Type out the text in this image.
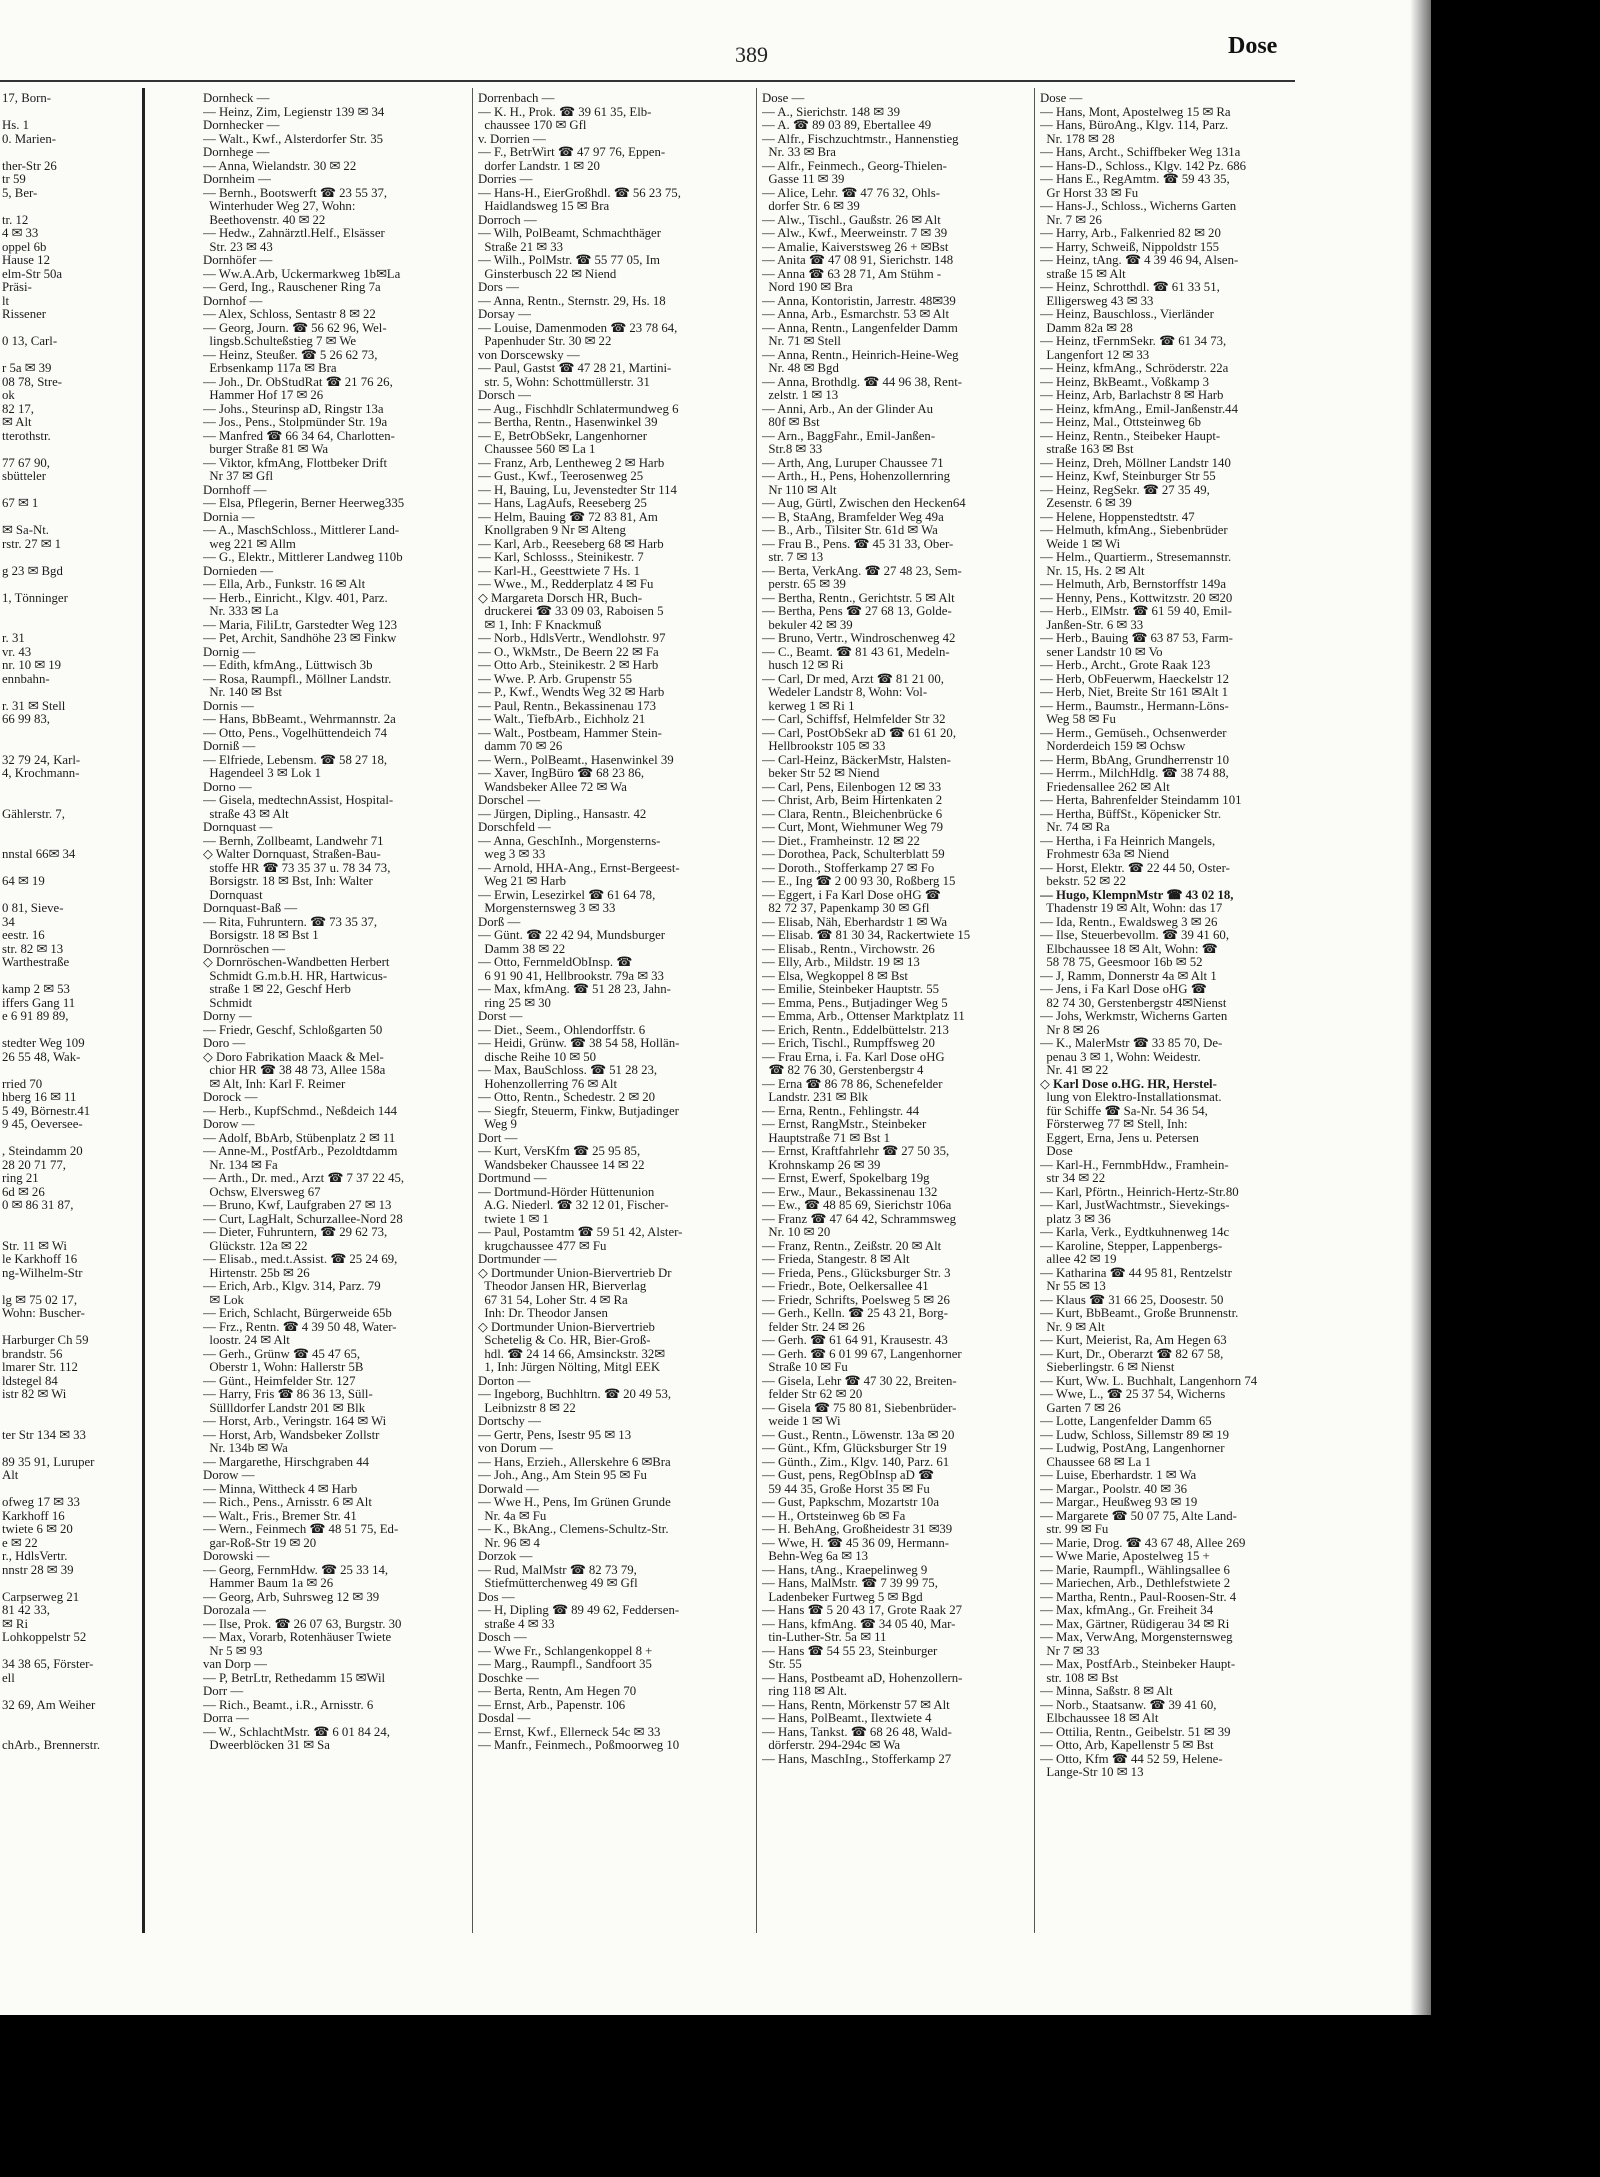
389	Dose
17, Born-

Hs. 1
0. Marien-

ther-Str 26
tr 59
5, Ber-

tr. 12
4 ✉ 33
oppel 6b
Hause 12
elm-Str 50a
Präsi-
lt
Rissener

0 13, Carl-

r 5a ✉ 39
08 78, Stre-
ok
82 17,
✉ Alt
tterothstr.

77 67 90,
sbütteler

67 ✉ 1

✉ Sa-Nt.
rstr. 27 ✉ 1

g 23 ✉ Bgd

1, Tönninger

r. 31
vr. 43
nr. 10 ✉ 19
ennbahn-

r. 31 ✉ Stell
66 99 83,

32 79 24, Karl-
4, Krochmann-

Gählerstr. 7,

nnstal 66✉ 34

64 ✉ 19

0 81, Sieve-
34
eestr. 16
str. 82 ✉ 13
Warthestraße

kamp 2 ✉ 53
iffers Gang 11
e 6 91 89 89,

stedter Weg 109
26 55 48, Wak-

rried 70
hberg 16 ✉ 11
5 49, Börnestr.41
9 45, Oeversee-

, Steindamm 20
28 20 71 77,
ring 21
6d ✉ 26
0 ✉ 86 31 87,

Str. 11 ✉ Wi
le Karkhoff 16
ng-Wilhelm-Str

lg ✉ 75 02 17,
Wohn: Buscher-

Harburger Ch 59
brandstr. 56
lmarer Str. 112
ldstegel 84
istr 82 ✉ Wi

ter Str 134 ✉ 33

89 35 91, Luruper
Alt

ofweg 17 ✉ 33
Karkhoff 16
twiete 6 ✉ 20
e ✉ 22
r., HdlsVertr.
nnstr 28 ✉ 39

Carpserweg 21
81 42 33,
✉ Ri
Lohkoppelstr 52

34 38 65, Förster-
ell

32 69, Am Weiher

chArb., Brennerstr.
Dornheck —
— Heinz, Zim, Legienstr 139 ✉ 34
Dornhecker —
— Walt., Kwf., Alsterdorfer Str. 35
Dornhege —
— Anna, Wielandstr. 30 ✉ 22
Dornheim —
— Bernh., Bootswerft ☎ 23 55 37,
Winterhuder Weg 27, Wohn:
Beethovenstr. 40 ✉ 22
— Hedw., Zahnärztl.Helf., Elsässer
Str. 23 ✉ 43
Dornhöfer —
— Ww.A.Arb, Uckermarkweg 1b✉La
— Gerd, Ing., Rauschener Ring 7a
Dornhof —
— Alex, Schloss, Sentastr 8 ✉ 22
— Georg, Journ. ☎ 56 62 96, Wel-
lingsb.Schulteßstieg 7 ✉ We
— Heinz, Steußer. ☎ 5 26 62 73,
Erbsenkamp 117a ✉ Bra
— Joh., Dr. ObStudRat ☎ 21 76 26,
Hammer Hof 17 ✉ 26
— Johs., Steurinsp aD, Ringstr 13a
— Jos., Pens., Stolpmünder Str. 19a
— Manfred ☎ 66 34 64, Charlotten-
burger Straße 81 ✉ Wa
— Viktor, kfmAng, Flottbeker Drift
Nr 37 ✉ Gfl
Dornhoff —
— Elsa, Pflegerin, Berner Heerweg335
Dornia —
— A., MaschSchloss., Mittlerer Land-
weg 221 ✉ Allm
— G., Elektr., Mittlerer Landweg 110b
Dornieden —
— Ella, Arb., Funkstr. 16 ✉ Alt
— Herb., Einricht., Klgv. 401, Parz.
Nr. 333 ✉ La
— Maria, FiliLtr, Garstedter Weg 123
— Pet, Archit, Sandhöhe 23 ✉ Finkw
Dornig —
— Edith, kfmAng., Lüttwisch 3b
— Rosa, Raumpfl., Möllner Landstr.
Nr. 140 ✉ Bst
Dornis —
— Hans, BbBeamt., Wehrmannstr. 2a
— Otto, Pens., Vogelhüttendeich 74
Dorniß —
— Elfriede, Lebensm. ☎ 58 27 18,
Hagendeel 3 ✉ Lok 1
Dorno —
— Gisela, medtechnAssist, Hospital-
straße 43 ✉ Alt
Dornquast —
— Bernh, Zollbeamt, Landwehr 71
◇ Walter Dornquast, Straßen-Bau-
stoffe HR ☎ 73 35 37 u. 78 34 73,
Borsigstr. 18 ✉ Bst, Inh: Walter
Dornquast
Dornquast-Baß —
— Rita, Fuhruntern. ☎ 73 35 37,
Borsigstr. 18 ✉ Bst 1
Dornröschen —
◇ Dornröschen-Wandbetten Herbert
Schmidt G.m.b.H. HR, Hartwicus-
straße 1 ✉ 22, Geschf Herb
Schmidt
Dorny —
— Friedr, Geschf, Schloßgarten 50
Doro —
◇ Doro Fabrikation Maack & Mel-
chior HR ☎ 38 48 73, Allee 158a
✉ Alt, Inh: Karl F. Reimer
Dorock —
— Herb., KupfSchmd., Neßdeich 144
Dorow —
— Adolf, BbArb, Stübenplatz 2 ✉ 11
— Anne-M., PostfArb., Pezoldtdamm
Nr. 134 ✉ Fa
— Arth., Dr. med., Arzt ☎ 7 37 22 45,
Ochsw, Elversweg 67
— Bruno, Kwf, Laufgraben 27 ✉ 13
— Curt, LagHalt, Schurzallee-Nord 28
— Dieter, Fuhruntern, ☎ 29 62 73,
Glückstr. 12a ✉ 22
— Elisab., med.t.Assist. ☎ 25 24 69,
Hirtenstr. 25b ✉ 26
— Erich, Arb., Klgv. 314, Parz. 79
✉ Lok
— Erich, Schlacht, Bürgerweide 65b
— Frz., Rentn. ☎ 4 39 50 48, Water-
loostr. 24 ✉ Alt
— Gerh., Grünw ☎ 45 47 65,
Oberstr 1, Wohn: Hallerstr 5B
— Günt., Heimfelder Str. 127
— Harry, Fris ☎ 86 36 13, Süll-
Süllldorfer Landstr 201 ✉ Blk
— Horst, Arb., Veringstr. 164 ✉ Wi
— Horst, Arb, Wandsbeker Zollstr
Nr. 134b ✉ Wa
— Margarethe, Hirschgraben 44
Dorow —
— Minna, Wittheck 4 ✉ Harb
— Rich., Pens., Arnisstr. 6 ✉ Alt
— Walt., Fris., Bremer Str. 41
— Wern., Feinmech ☎ 48 51 75, Ed-
gar-Roß-Str 19 ✉ 20
Dorowski —
— Georg, FernmHdw. ☎ 25 33 14,
Hammer Baum 1a ✉ 26
— Georg, Arb, Suhrsweg 12 ✉ 39
Dorozala —
— Ilse, Prok. ☎ 26 07 63, Burgstr. 30
— Max, Vorarb, Rotenhäuser Twiete
Nr 5 ✉ 93
van Dorp —
— P, BetrLtr, Rethedamm 15 ✉Wil
Dorr —
— Rich., Beamt., i.R., Arnisstr. 6
Dorra —
— W., SchlachtMstr. ☎ 6 01 84 24,
Dweerblöcken 31 ✉ Sa
Dorrenbach —
— K. H., Prok. ☎ 39 61 35, Elb-
chaussee 170 ✉ Gfl
v. Dorrien —
— F., BetrWirt ☎ 47 97 76, Eppen-
dorfer Landstr. 1 ✉ 20
Dorries —
— Hans-H., EierGroßhdl. ☎ 56 23 75,
Haidlandsweg 15 ✉ Bra
Dorroch —
— Wilh, PolBeamt, Schmachthäger
Straße 21 ✉ 33
— Wilh., PolMstr. ☎ 55 77 05, Im
Ginsterbusch 22 ✉ Niend
Dors —
— Anna, Rentn., Sternstr. 29, Hs. 18
Dorsay —
— Louise, Damenmoden ☎ 23 78 64,
Papenhuder Str. 30 ✉ 22
von Dorscewsky —
— Paul, Gastst ☎ 47 28 21, Martini-
str. 5, Wohn: Schottmüllerstr. 31
Dorsch —
— Aug., Fischhdlr Schlatermundweg 6
— Bertha, Rentn., Hasenwinkel 39
— E, BetrObSekr, Langenhorner
Chaussee 560 ✉ La 1
— Franz, Arb, Lentheweg 2 ✉ Harb
— Gust., Kwf., Teerosenweg 25
— H, Bauing, Lu, Jevenstedter Str 114
— Hans, LagAufs, Reeseberg 25
— Helm, Bauing ☎ 72 83 81, Am
Knollgraben 9 Nr ✉ Alteng
— Karl, Arb., Reeseberg 68 ✉ Harb
— Karl, Schlosss., Steinikestr. 7
— Karl-H., Geesttwiete 7 Hs. 1
— Wwe., M., Redderplatz 4 ✉ Fu
◇ Margareta Dorsch HR, Buch-
druckerei ☎ 33 09 03, Raboisen 5
✉ 1, Inh: F Knackmuß
— Norb., HdlsVertr., Wendlohstr. 97
— O., WkMstr., De Beern 22 ✉ Fa
— Otto Arb., Steinikestr. 2 ✉ Harb
— Wwe. P. Arb. Grupenstr 55
— P., Kwf., Wendts Weg 32 ✉ Harb
— Paul, Rentn., Bekassinenau 173
— Walt., TiefbArb., Eichholz 21
— Walt., Postbeam, Hammer Stein-
damm 70 ✉ 26
— Wern., PolBeamt., Hasenwinkel 39
— Xaver, IngBüro ☎ 68 23 86,
Wandsbeker Allee 72 ✉ Wa
Dorschel —
— Jürgen, Dipling., Hansastr. 42
Dorschfeld —
— Anna, GeschInh., Morgensterns-
weg 3 ✉ 33
— Arnold, HHA-Ang., Ernst-Bergeest-
Weg 21 ✉ Harb
— Erwin, Lesezirkel ☎ 61 64 78,
Morgensternsweg 3 ✉ 33
Dorß —
— Günt. ☎ 22 42 94, Mundsburger
Damm 38 ✉ 22
— Otto, FernmeldObInsp. ☎
6 91 90 41, Hellbrookstr. 79a ✉ 33
— Max, kfmAng. ☎ 51 28 23, Jahn-
ring 25 ✉ 30
Dorst —
— Diet., Seem., Ohlendorffstr. 6
— Heidi, Grünw. ☎ 38 54 58, Hollän-
dische Reihe 10 ✉ 50
— Max, BauSchloss. ☎ 51 28 23,
Hohenzollerring 76 ✉ Alt
— Otto, Rentn., Schedestr. 2 ✉ 20
— Siegfr, Steuerm, Finkw, Butjadinger
Weg 9
Dort —
— Kurt, VersKfm ☎ 25 95 85,
Wandsbeker Chaussee 14 ✉ 22
Dortmund —
— Dortmund-Hörder Hüttenunion
A.G. Niederl. ☎ 32 12 01, Fischer-
twiete 1 ✉ 1
— Paul, Postamtm ☎ 59 51 42, Alster-
krugchaussee 477 ✉ Fu
Dortmunder —
◇ Dortmunder Union-Biervertrieb Dr
Theodor Jansen HR, Bierverlag
67 31 54, Loher Str. 4 ✉ Ra
Inh: Dr. Theodor Jansen
◇ Dortmunder Union-Biervertrieb
Schetelig & Co. HR, Bier-Groß-
hdl. ☎ 24 14 66, Amsinckstr. 32✉
1, Inh: Jürgen Nölting, Mitgl EEK
Dorton —
— Ingeborg, Buchhltrn. ☎ 20 49 53,
Leibnizstr 8 ✉ 22
Dortschy —
— Gertr, Pens, Isestr 95 ✉ 13
von Dorum —
— Hans, Erzieh., Allerskehre 6 ✉Bra
— Joh., Ang., Am Stein 95 ✉ Fu
Dorwald —
— Wwe H., Pens, Im Grünen Grunde
Nr. 4a ✉ Fu
— K., BkAng., Clemens-Schultz-Str.
Nr. 96 ✉ 4
Dorzok —
— Rud, MalMstr ☎ 82 73 79,
Stiefmütterchenweg 49 ✉ Gfl
Dos —
— H, Dipling ☎ 89 49 62, Feddersen-
straße 4 ✉ 33
Dosch —
— Wwe Fr., Schlangenkoppel 8 +
— Marg., Raumpfl., Sandfoort 35
Doschke —
— Berta, Rentn, Am Hegen 70
— Ernst, Arb., Papenstr. 106
Dosdal —
— Ernst, Kwf., Ellerneck 54c ✉ 33
— Manfr., Feinmech., Poßmoorweg 10
Dose —
— A., Sierichstr. 148 ✉ 39
— A. ☎ 89 03 89, Ebertallee 49
— Alfr., Fischzuchtmstr., Hannenstieg
Nr. 33 ✉ Bra
— Alfr., Feinmech., Georg-Thielen-
Gasse 11 ✉ 39
— Alice, Lehr. ☎ 47 76 32, Ohls-
dorfer Str. 6 ✉ 39
— Alw., Tischl., Gaußstr. 26 ✉ Alt
— Alw., Kwf., Meerweinstr. 7 ✉ 39
— Amalie, Kaiverstsweg 26 + ✉Bst
— Anita ☎ 47 08 91, Sierichstr. 148
— Anna ☎ 63 28 71, Am Stühm -
Nord 190 ✉ Bra
— Anna, Kontoristin, Jarrestr. 48✉39
— Anna, Arb., Esmarchstr. 53 ✉ Alt
— Anna, Rentn., Langenfelder Damm
Nr. 71 ✉ Stell
— Anna, Rentn., Heinrich-Heine-Weg
Nr. 48 ✉ Bgd
— Anna, Brothdlg. ☎ 44 96 38, Rent-
zelstr. 1 ✉ 13
— Anni, Arb., An der Glinder Au
80f ✉ Bst
— Arn., BaggFahr., Emil-Janßen-
Str.8 ✉ 33
— Arth, Ang, Luruper Chaussee 71
— Arth., H., Pens, Hohenzollernring
Nr 110 ✉ Alt
— Aug, Gürtl, Zwischen den Hecken64
— B, StaAng, Bramfelder Weg 49a
— B., Arb., Tilsiter Str. 61d ✉ Wa
— Frau B., Pens. ☎ 45 31 33, Ober-
str. 7 ✉ 13
— Berta, VerkAng. ☎ 27 48 23, Sem-
perstr. 65 ✉ 39
— Bertha, Rentn., Gerichtstr. 5 ✉ Alt
— Bertha, Pens ☎ 27 68 13, Golde-
bekuler 42 ✉ 39
— Bruno, Vertr., Windroschenweg 42
— C., Beamt. ☎ 81 43 61, Medeln-
husch 12 ✉ Ri
— Carl, Dr med, Arzt ☎ 81 21 00,
Wedeler Landstr 8, Wohn: Vol-
kerweg 1 ✉ Ri 1
— Carl, Schiffsf, Helmfelder Str 32
— Carl, PostObSekr aD ☎ 61 61 20,
Hellbrookstr 105 ✉ 33
— Carl-Heinz, BäckerMstr, Halsten-
beker Str 52 ✉ Niend
— Carl, Pens, Eilenbogen 12 ✉ 33
— Christ, Arb, Beim Hirtenkaten 2
— Clara, Rentn., Bleichenbrücke 6
— Curt, Mont, Wiehmuner Weg 79
— Diet., Framheinstr. 12 ✉ 22
— Dorothea, Pack, Schulterblatt 59
— Doroth., Stofferkamp 27 ✉ Fo
— E., Ing ☎ 2 00 93 30, Roßberg 15
— Eggert, i Fa Karl Dose oHG ☎
82 72 37, Papenkamp 30 ✉ Gfl
— Elisab, Näh, Eberhardstr 1 ✉ Wa
— Elisab. ☎ 81 30 34, Rackertwiete 15
— Elisab., Rentn., Virchowstr. 26
— Elly, Arb., Mildstr. 19 ✉ 13
— Elsa, Wegkoppel 8 ✉ Bst
— Emilie, Steinbeker Hauptstr. 55
— Emma, Pens., Butjadinger Weg 5
— Emma, Arb., Ottenser Marktplatz 11
— Erich, Rentn., Eddelbüttelstr. 213
— Erich, Tischl., Rumpffsweg 20
— Frau Erna, i. Fa. Karl Dose oHG
☎ 82 76 30, Gerstenbergstr 4
— Erna ☎ 86 78 86, Schenefelder
Landstr. 231 ✉ Blk
— Erna, Rentn., Fehlingstr. 44
— Ernst, RangMstr., Steinbeker
Hauptstraße 71 ✉ Bst 1
— Ernst, Kraftfahrlehr ☎ 27 50 35,
Krohnskamp 26 ✉ 39
— Ernst, Ewerf, Spokelbarg 19g
— Erw., Maur., Bekassinenau 132
— Ew., ☎ 48 85 69, Sierichstr 106a
— Franz ☎ 47 64 42, Schrammsweg
Nr. 10 ✉ 20
— Franz, Rentn., Zeißstr. 20 ✉ Alt
— Frieda, Stangestr. 8 ✉ Alt
— Frieda, Pens., Glücksburger Str. 3
— Friedr., Bote, Oelkersallee 41
— Friedr, Schrifts, Poelsweg 5 ✉ 26
— Gerh., Kelln. ☎ 25 43 21, Borg-
felder Str. 24 ✉ 26
— Gerh. ☎ 61 64 91, Krausestr. 43
— Gerh. ☎ 6 01 99 67, Langenhorner
Straße 10 ✉ Fu
— Gisela, Lehr ☎ 47 30 22, Breiten-
felder Str 62 ✉ 20
— Gisela ☎ 75 80 81, Siebenbrüder-
weide 1 ✉ Wi
— Gust., Rentn., Löwenstr. 13a ✉ 20
— Günt., Kfm, Glücksburger Str 19
— Günth., Zim., Klgv. 140, Parz. 61
— Gust, pens, RegObInsp aD ☎
59 44 35, Große Horst 35 ✉ Fu
— Gust, Papkschm, Mozartstr 10a
— H., Ortsteinweg 6b ✉ Fa
— H. BehAng, Großheidestr 31 ✉39
— Wwe, H. ☎ 45 36 09, Hermann-
Behn-Weg 6a ✉ 13
— Hans, tAng., Kraepelinweg 9
— Hans, MalMstr. ☎ 7 39 99 75,
Ladenbeker Furtweg 5 ✉ Bgd
— Hans ☎ 5 20 43 17, Grote Raak 27
— Hans, kfmAng. ☎ 34 05 40, Mar-
tin-Luther-Str. 5a ✉ 11
— Hans ☎ 54 55 23, Steinburger
Str. 55
— Hans, Postbeamt aD, Hohenzollern-
ring 118 ✉ Alt.
— Hans, Rentn, Mörkenstr 57 ✉ Alt
— Hans, PolBeamt., Ilextwiete 4
— Hans, Tankst. ☎ 68 26 48, Wald-
dörferstr. 294-294c ✉ Wa
— Hans, MaschIng., Stofferkamp 27
Dose —
— Hans, Mont, Apostelweg 15 ✉ Ra
— Hans, BüroAng., Klgv. 114, Parz.
Nr. 178 ✉ 28
— Hans, Archt., Schiffbeker Weg 131a
— Hans-D., Schloss., Klgv. 142 Pz. 686
— Hans E., RegAmtm. ☎ 59 43 35,
Gr Horst 33 ✉ Fu
— Hans-J., Schloss., Wicherns Garten
Nr. 7 ✉ 26
— Harry, Arb., Falkenried 82 ✉ 20
— Harry, Schweiß, Nippoldstr 155
— Heinz, tAng. ☎ 4 39 46 94, Alsen-
straße 15 ✉ Alt
— Heinz, Schrotthdl. ☎ 61 33 51,
Elligersweg 43 ✉ 33
— Heinz, Bauschloss., Vierländer
Damm 82a ✉ 28
— Heinz, tFernmSekr. ☎ 61 34 73,
Langenfort 12 ✉ 33
— Heinz, kfmAng., Schröderstr. 22a
— Heinz, BkBeamt., Voßkamp 3
— Heinz, Arb, Barlachstr 8 ✉ Harb
— Heinz, kfmAng., Emil-Janßenstr.44
— Heinz, Mal., Ottsteinweg 6b
— Heinz, Rentn., Steibeker Haupt-
straße 163 ✉ Bst
— Heinz, Dreh, Möllner Landstr 140
— Heinz, Kwf, Steinburger Str 55
— Heinz, RegSekr. ☎ 27 35 49,
Zesenstr. 6 ✉ 39
— Helene, Hoppenstedtstr. 47
— Helmuth, kfmAng., Siebenbrüder
Weide 1 ✉ Wi
— Helm., Quartierm., Stresemannstr.
Nr. 15, Hs. 2 ✉ Alt
— Helmuth, Arb, Bernstorffstr 149a
— Henny, Pens., Kottwitzstr. 20 ✉20
— Herb., ElMstr. ☎ 61 59 40, Emil-
Janßen-Str. 6 ✉ 33
— Herb., Bauing ☎ 63 87 53, Farm-
sener Landstr 10 ✉ Vo
— Herb., Archt., Grote Raak 123
— Herb, ObFeuerwm, Haeckelstr 12
— Herb, Niet, Breite Str 161 ✉Alt 1
— Herm., Baumstr., Hermann-Löns-
Weg 58 ✉ Fu
— Herm., Gemüseh., Ochsenwerder
Norderdeich 159 ✉ Ochsw
— Herm, BbAng, Grundherrenstr 10
— Herrm., MilchHdlg. ☎ 38 74 88,
Friedensallee 262 ✉ Alt
— Herta, Bahrenfelder Steindamm 101
— Hertha, BüffSt., Köpenicker Str.
Nr. 74 ✉ Ra
— Hertha, i Fa Heinrich Mangels,
Frohmestr 63a ✉ Niend
— Horst, Elektr. ☎ 22 44 50, Oster-
bekstr. 52 ✉ 22
— Hugo, KlempnMstr ☎ 43 02 18,
Thadenstr 19 ✉ Alt, Wohn: das 17
— Ida, Rentn., Ewaldsweg 3 ✉ 26
— Ilse, Steuerbevollm. ☎ 39 41 60,
Elbchaussee 18 ✉ Alt, Wohn: ☎
58 78 75, Geesmoor 16b ✉ 52
— J, Ramm, Donnerstr 4a ✉ Alt 1
— Jens, i Fa Karl Dose oHG ☎
82 74 30, Gerstenbergstr 4✉Nienst
— Johs, Werkmstr, Wicherns Garten
Nr 8 ✉ 26
— K., MalerMstr ☎ 33 85 70, De-
penau 3 ✉ 1, Wohn: Weidestr.
Nr. 41 ✉ 22
◇ Karl Dose o.HG. HR, Herstel-
lung von Elektro-Installationsmat.
für Schiffe ☎ Sa-Nr. 54 36 54,
Försterweg 77 ✉ Stell, Inh:
Eggert, Erna, Jens u. Petersen
Dose
— Karl-H., FernmbHdw., Framhein-
str 34 ✉ 22
— Karl, Pförtn., Heinrich-Hertz-Str.80
— Karl, JustWachtmstr., Sievekings-
platz 3 ✉ 36
— Karla, Verk., Eydtkuhnenweg 14c
— Karoline, Stepper, Lappenbergs-
allee 42 ✉ 19
— Katharina ☎ 44 95 81, Rentzelstr
Nr 55 ✉ 13
— Klaus ☎ 31 66 25, Doosestr. 50
— Kurt, BbBeamt., Große Brunnenstr.
Nr. 9 ✉ Alt
— Kurt, Meierist, Ra, Am Hegen 63
— Kurt, Dr., Oberarzt ☎ 82 67 58,
Sieberlingstr. 6 ✉ Nienst
— Kurt, Ww. L. Buchhalt, Langenhorn 74
— Wwe, L., ☎ 25 37 54, Wicherns
Garten 7 ✉ 26
— Lotte, Langenfelder Damm 65
— Ludw, Schloss, Sillemstr 89 ✉ 19
— Ludwig, PostAng, Langenhorner
Chaussee 68 ✉ La 1
— Luise, Eberhardstr. 1 ✉ Wa
— Margar., Poolstr. 40 ✉ 36
— Margar., Heußweg 93 ✉ 19
— Margarete ☎ 50 07 75, Alte Land-
str. 99 ✉ Fu
— Marie, Drog. ☎ 43 67 48, Allee 269
— Wwe Marie, Apostelweg 15 +
— Marie, Raumpfl., Wählingsallee 6
— Mariechen, Arb., Dethlefstwiete 2
— Martha, Rentn., Paul-Roosen-Str. 4
— Max, kfmAng., Gr. Freiheit 34
— Max, Gärtner, Rüdigerau 34 ✉ Ri
— Max, VerwAng, Morgensternsweg
Nr 7 ✉ 33
— Max, PostfArb., Steinbeker Haupt-
str. 108 ✉ Bst
— Minna, Saßstr. 8 ✉ Alt
— Norb., Staatsanw. ☎ 39 41 60,
Elbchaussee 18 ✉ Alt
— Ottilia, Rentn., Geibelstr. 51 ✉ 39
— Otto, Arb, Kapellenstr 5 ✉ Bst
— Otto, Kfm ☎ 44 52 59, Helene-
Lange-Str 10 ✉ 13
